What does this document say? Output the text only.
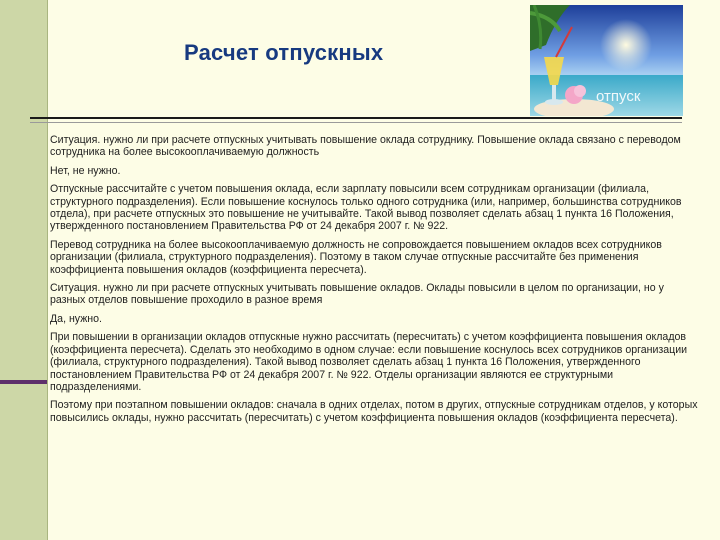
Расчет отпускных
отпуск

Ситуация. нужно ли при расчете отпускных учитывать повышение оклада сотруднику. Повышение оклада связано с переводом сотрудника на более высокооплачиваемую должность

Нет, не нужно.

Отпускные рассчитайте с учетом повышения оклада, если зарплату повысили всем сотрудникам организации (филиала, структурного подразделения). Если повышение коснулось только одного сотрудника (или, например, большинства сотрудников отдела), при расчете отпускных это повышение не учитывайте. Такой вывод позволяет сделать абзац 1 пункта 16 Положения, утвержденного постановлением Правительства РФ от 24 декабря 2007 г. № 922.

Перевод сотрудника на более высокооплачиваемую должность не сопровождается повышением окладов всех сотрудников организации (филиала, структурного подразделения). Поэтому в таком случае отпускные рассчитайте без применения коэффициента повышения окладов (коэффициента пересчета).

Ситуация. нужно ли при расчете отпускных учитывать повышение окладов. Оклады повысили в целом по организации, но у разных отделов повышение проходило в разное время

Да, нужно.

При повышении в организации окладов отпускные нужно рассчитать (пересчитать) с учетом коэффициента повышения окладов (коэффициента пересчета). Сделать это необходимо в одном случае: если повышение коснулось всех сотрудников организации (филиала, структурного подразделения). Такой вывод позволяет сделать абзац 1 пункта 16 Положения, утвержденного постановлением Правительства РФ от 24 декабря 2007 г. № 922. Отделы организации являются ее структурными подразделениями.

Поэтому при поэтапном повышении окладов: сначала в одних отделах, потом в других, отпускные сотрудникам отделов, у которых повысились оклады, нужно рассчитать (пересчитать) с учетом коэффициента повышения окладов (коэффициента пересчета).
